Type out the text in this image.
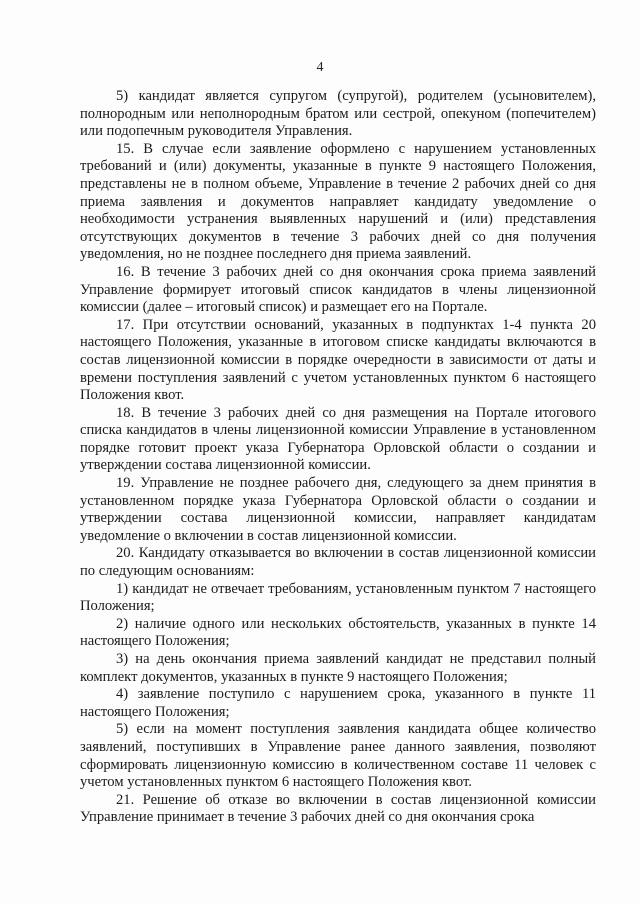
4

5) кандидат является супругом (супругой), родителем (усыновителем), полнородным или неполнородным братом или сестрой, опекуном (попечителем) или подопечным руководителя Управления.

15. В случае если заявление оформлено с нарушением установленных требований и (или) документы, указанные в пункте 9 настоящего Положения, представлены не в полном объеме, Управление в течение 2 рабочих дней со дня приема заявления и документов направляет кандидату уведомление о необходимости устранения выявленных нарушений и (или) представления отсутствующих документов в течение 3 рабочих дней со дня получения уведомления, но не позднее последнего дня приема заявлений.

16. В течение 3 рабочих дней со дня окончания срока приема заявлений Управление формирует итоговый список кандидатов в члены лицензионной комиссии (далее – итоговый список) и размещает его на Портале.

17. При отсутствии оснований, указанных в подпунктах 1-4 пункта 20 настоящего Положения, указанные в итоговом списке кандидаты включаются в состав лицензионной комиссии в порядке очередности в зависимости от даты и времени поступления заявлений с учетом установленных пунктом 6 настоящего Положения квот.

18. В течение 3 рабочих дней со дня размещения на Портале итогового списка кандидатов в члены лицензионной комиссии Управление в установленном порядке готовит проект указа Губернатора Орловской области о создании и утверждении состава лицензионной комиссии.

19. Управление не позднее рабочего дня, следующего за днем принятия в установленном порядке указа Губернатора Орловской области о создании и утверждении состава лицензионной комиссии, направляет кандидатам уведомление о включении в состав лицензионной комиссии.

20. Кандидату отказывается во включении в состав лицензионной комиссии по следующим основаниям:

1) кандидат не отвечает требованиям, установленным пунктом 7 настоящего Положения;

2) наличие одного или нескольких обстоятельств, указанных в пункте 14 настоящего Положения;

3) на день окончания приема заявлений кандидат не представил полный комплект документов, указанных в пункте 9 настоящего Положения;

4) заявление поступило с нарушением срока, указанного в пункте 11 настоящего Положения;

5) если на момент поступления заявления кандидата общее количество заявлений, поступивших в Управление ранее данного заявления, позволяют сформировать лицензионную комиссию в количественном составе 11 человек с учетом установленных пунктом 6 настоящего Положения квот.

21. Решение об отказе во включении в состав лицензионной комиссии Управление принимает в течение 3 рабочих дней со дня окончания срока
